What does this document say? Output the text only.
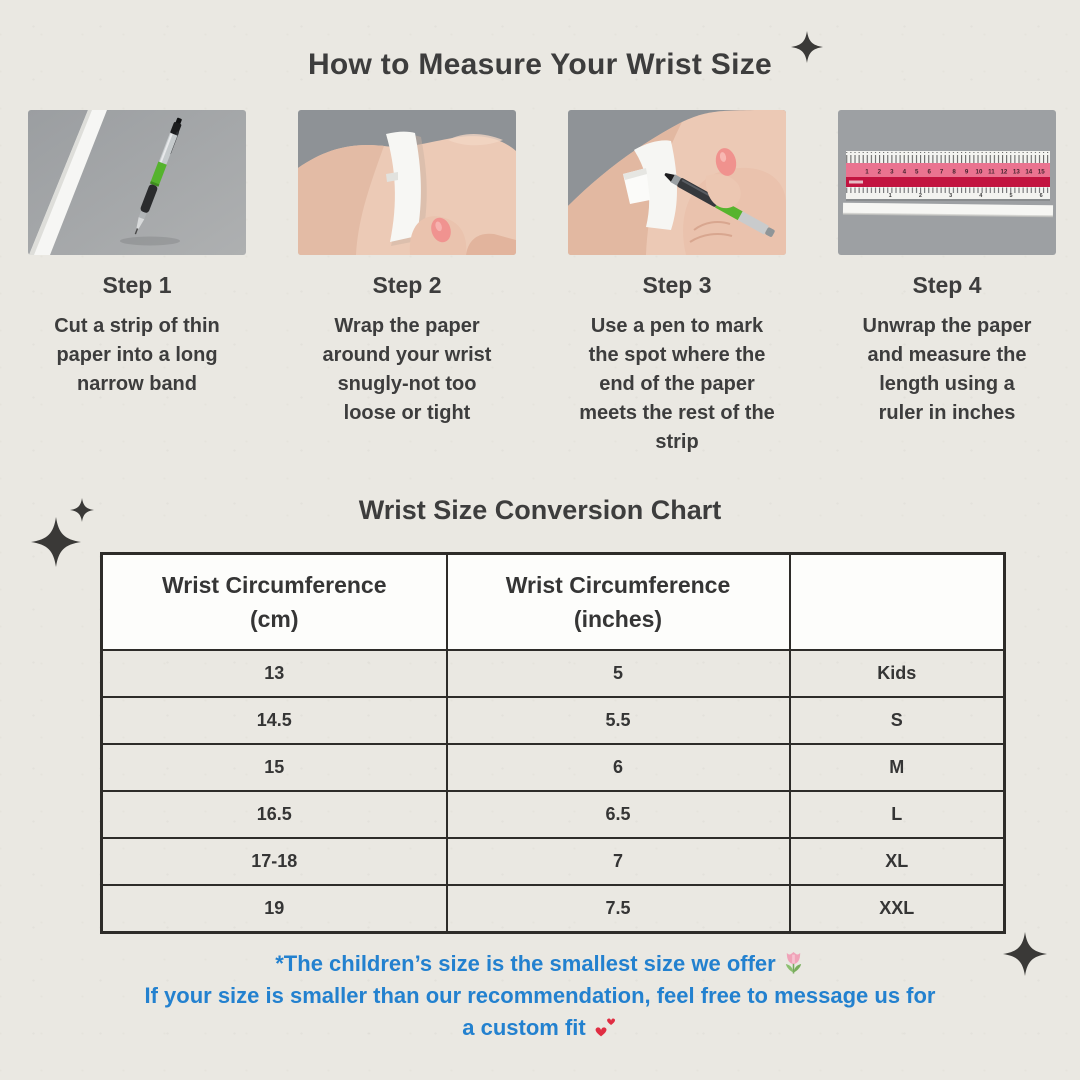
How to Measure Your Wrist Size
Step 1
Cut a strip of thin paper into a long narrow band
Step 2
Wrap the paper around your wrist snugly-not too loose or tight
Step 3
Use a pen to mark the spot where the end of the paper meets the rest of the strip
1 2 3 4 5 6 7 8 9 10 11 12 13 14 15
1	2	3	4	5	6
Step 4
Unwrap the paper and measure the length using a ruler in inches
Wrist Size Conversion Chart
Wrist Circumference
(cm)

Wrist Circumference
(inches)

13	5	Kids
14.5	5.5	S
15	6	M
16.5	6.5	L
17-18	7	XL
19	7.5	XXL
*The children’s size is the smallest size we offer
If your size is smaller than our recommendation, feel free to message us for
a custom fit
